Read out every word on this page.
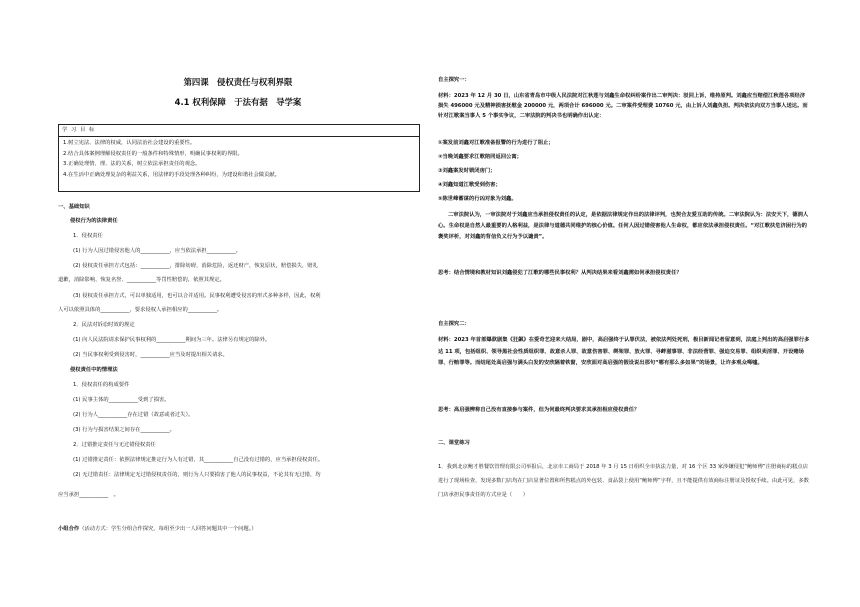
第四课　侵权责任与权利界限
4.1 权利保障　于法有据　导学案
学 习 目 标
1.树立宪法、法律的权威，认同法治社会建设的重要性。
2.结合具体案例理解侵权责任的一般条件和特殊情形，明确民事权利的界限。
3.正确处理情、理、法的关系，树立依法承担责任的观念。
4.在生活中正确处理复杂的利益关系，用法律的手段处理各种纠纷，为建设和谐社会做贡献。
一、基础知识
侵权行为的法律责任
1．侵权责任
(1) 行为人因过错侵害他人的___________，应当依法承担___________。
(2) 侵权责任承担方式包括：___________，排除妨碍，消除危险，返还财产，恢复原状，赔偿损失，赔礼
道歉，消除影响、恢复名誉、___________等罚性赔偿的，依照其规定。
(3) 侵权责任承担方式，可以单独适用，也可以合并适用。民事权利遭受侵害的形式多种多样，因此，权利
人可以依照具体的___________，要求侵权人承担相应的___________。
2．民法对诉讼时效的规定
(1) 向人民法院请求保护民事权利的___________期间为三年。法律另有规定的除外。
(2) 当民事权利受到侵害时，___________应当及时提出相关请求。
侵权责任中的情理法
1．侵权责任的构成要件
(1) 民事主体的___________受到了损害。
(2) 行为人___________存在过错（故意或者过失）。
(3) 行为与损害结果之间存在___________。
2．过错推定责任与无过错侵权责任
(1) 过错推定责任：依照法律规定推定行为人有过错，其___________自己没有过错的，应当承担侵权责任。
(2) 无过错责任：法律规定无过错侵权责任的，则行为人只要损害了他人的民事权益，不论其有无过错，均
应当承担___________　。
小组合作（活动方式：学生分组合作探究，每组至少出一人回答问题其中一个问题。）
自主探究一：
材料：2023 年 12 月 30 日，山东省青岛市中级人民法院对江秋莲与刘鑫生命权纠纷案作出二审判决：驳回上诉，维持原判。刘鑫应当赔偿江秋莲各项经济损失 496000 元及精神损害抚慰金 200000 元，两项合计 696000 元。二审案件受理费 10760 元，由上诉人刘鑫负担。判决依法向双方当事人送达。而针对江歌案当事人 5 个事实争议，二审法院的判决书也明确作出认定：
①案发前刘鑫对江歌准备报警的行为进行了阻止；
②当晚刘鑫要求江歌陪同返回公寓；
③刘鑫案发时锁闭房门；
④刘鑫知道江歌受到伤害；
⑤陈世峰蓄谋的行凶对象为刘鑫。
二审法院认为，一审法院对于刘鑫应当承担侵权责任的认定，是依据法律规定作出的法律评判，也契合友爱互助的传统。二审法院认为：法安天下，德润人心。生命权是自然人最重要的人格利益，是法律与道德共同维护的核心价值。任何人因过错侵害他人生命权，都应依法承担侵权责任。“对江歌扶危济困行为的褒奖评析，对刘鑫的背信负义行为予以谴责”。
思考：结合情境和教材知识刘鑫侵犯了江歌的哪些民事权利？从判决结果来看刘鑫需如何承担侵权责任？
自主探究二：
材料：2023 年首部爆款剧集《狂飙》在爱奇艺迎来大结局，剧中，高启强终于认罪伏法，被依法判处死刑，极目新闻记者留意到，法庭上判出的高启强罪行多达 11 项，包括组织、领导黑社会性质组织罪、故意杀人罪、故意伤害罪、绑架罪、放火罪、寻衅滋事罪、非法经营罪、强迫交易罪、组织卖淫罪、开设赌场罪、行贿罪等。而结尾处高启强与满头白发的安欣隔着铁窗，安欣面对高启强的假设说出那句“哪有那么多如果”的场景，让许多观众唏嘘。
思考：高启强辨称自己没有直接参与案件，但为何最终判决要求其承担相应侵权责任？
二、课堂练习
1．我到北京鲍才胜餐饮管理有限公司举报后，北京市工商局于 2018 年 3 月 15 日组织全市执法力量，对 16 个区 33 家涉嫌侵犯“鲍师傅”注册商标的糕点店进行了现场检查，发现多数门店均在门店显著位置和所售糕点的外包装、食品袋上使用“鲍师傅”字样，且不能提供有效商标注册证及授权手续。由此可见，多数门店承担民事责任的方式应是（　　）
